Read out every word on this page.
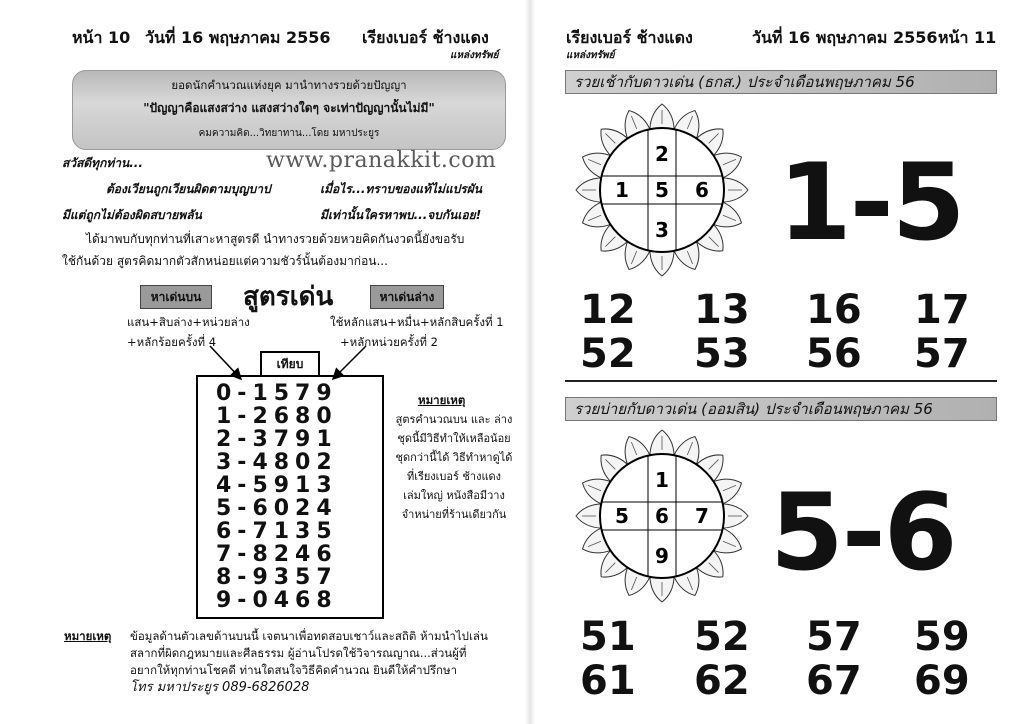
หน้า 10 วันที่ 16 พฤษภาคม 2556 เรียงเบอร์ ช้างแดง
แหล่งทรัพย์
ยอดนักคำนวณแห่งยุค มานำทางรวยด้วยปัญญา
"ปัญญาคือแสงสว่าง แสงสว่างใดๆ จะเท่าปัญญานั้นไม่มี"
คมความคิด...วิทยาทาน...โดย มหาประยูร
สวัสดีทุกท่าน...	www.pranakkit.com
ต้องเวียนถูกเวียนผิดตามบุญบาป	เมื่อไร...ทราบของแท้ไม่แปรผัน
มีแต่ถูกไม่ต้องผิดสบายพลัน	มีเท่านั้นใครหาพบ...จบกันเอย!
ได้มาพบกับทุกท่านที่เสาะหาสูตรดี นำทางรวยด้วยหวยคิดกันงวดนี้ยังขอรับ
ใช้กันด้วย สูตรคิดมากตัวสักหน่อยแต่ความชัวร์นั้นต้องมาก่อน...
หาเด่นบน	สูตรเด่น	หาเด่นล่าง
แสน+สิบล่าง+หน่วยล่าง
+หลักร้อยครั้งที่ 4
ใช้หลักแสน+หมื่น+หลักสิบครั้งที่ 1
+หลักหน่วยครั้งที่ 2
เทียบ
0-1579
1-2680
2-3791
3-4802
4-5913
5-6024
6-7135
7-8246
8-9357
9-0468
หมายเหตุ
สูตรคำนวณบน และ ล่าง
ชุดนี้มีวิธีทำให้เหลือน้อย
ชุดกว่านี้ได้ วิธีทำหาดูได้
ที่เรียงเบอร์ ช้างแดง
เล่มใหญ่ หนังสือมีวาง
จำหน่ายที่ร้านเดียวกัน
หมายเหตุ ข้อมูลด้านตัวเลขด้านบนนี้ เจตนาเพื่อทดสอบเชาว์และสถิติ ห้ามนำไปเล่น
สลากที่ผิดกฎหมายและศีลธรรม ผู้อ่านโปรดใช้วิจารณญาณ...ส่วนผู้ที่
อยากให้ทุกท่านโชคดี ท่านใดสนใจวิธีคิดคำนวณ ยินดีให้คำปรึกษา
โทร มหาประยูร 089-6826028
เรียงเบอร์ ช้างแดง	วันที่ 16 พฤษภาคม 2556 หน้า 11
แหล่งทรัพย์
รวยเช้ากับดาวเด่น (ธกส.) ประจำเดือนพฤษภาคม 56
2
1 5 6
3 1-5
12 13 16 17
52 53 56 57
รวยบ่ายกับดาวเด่น (ออมสิน) ประจำเดือนพฤษภาคม 56
1
5 6 7
9 5-6
51 52 57 59
61 62 67 69
